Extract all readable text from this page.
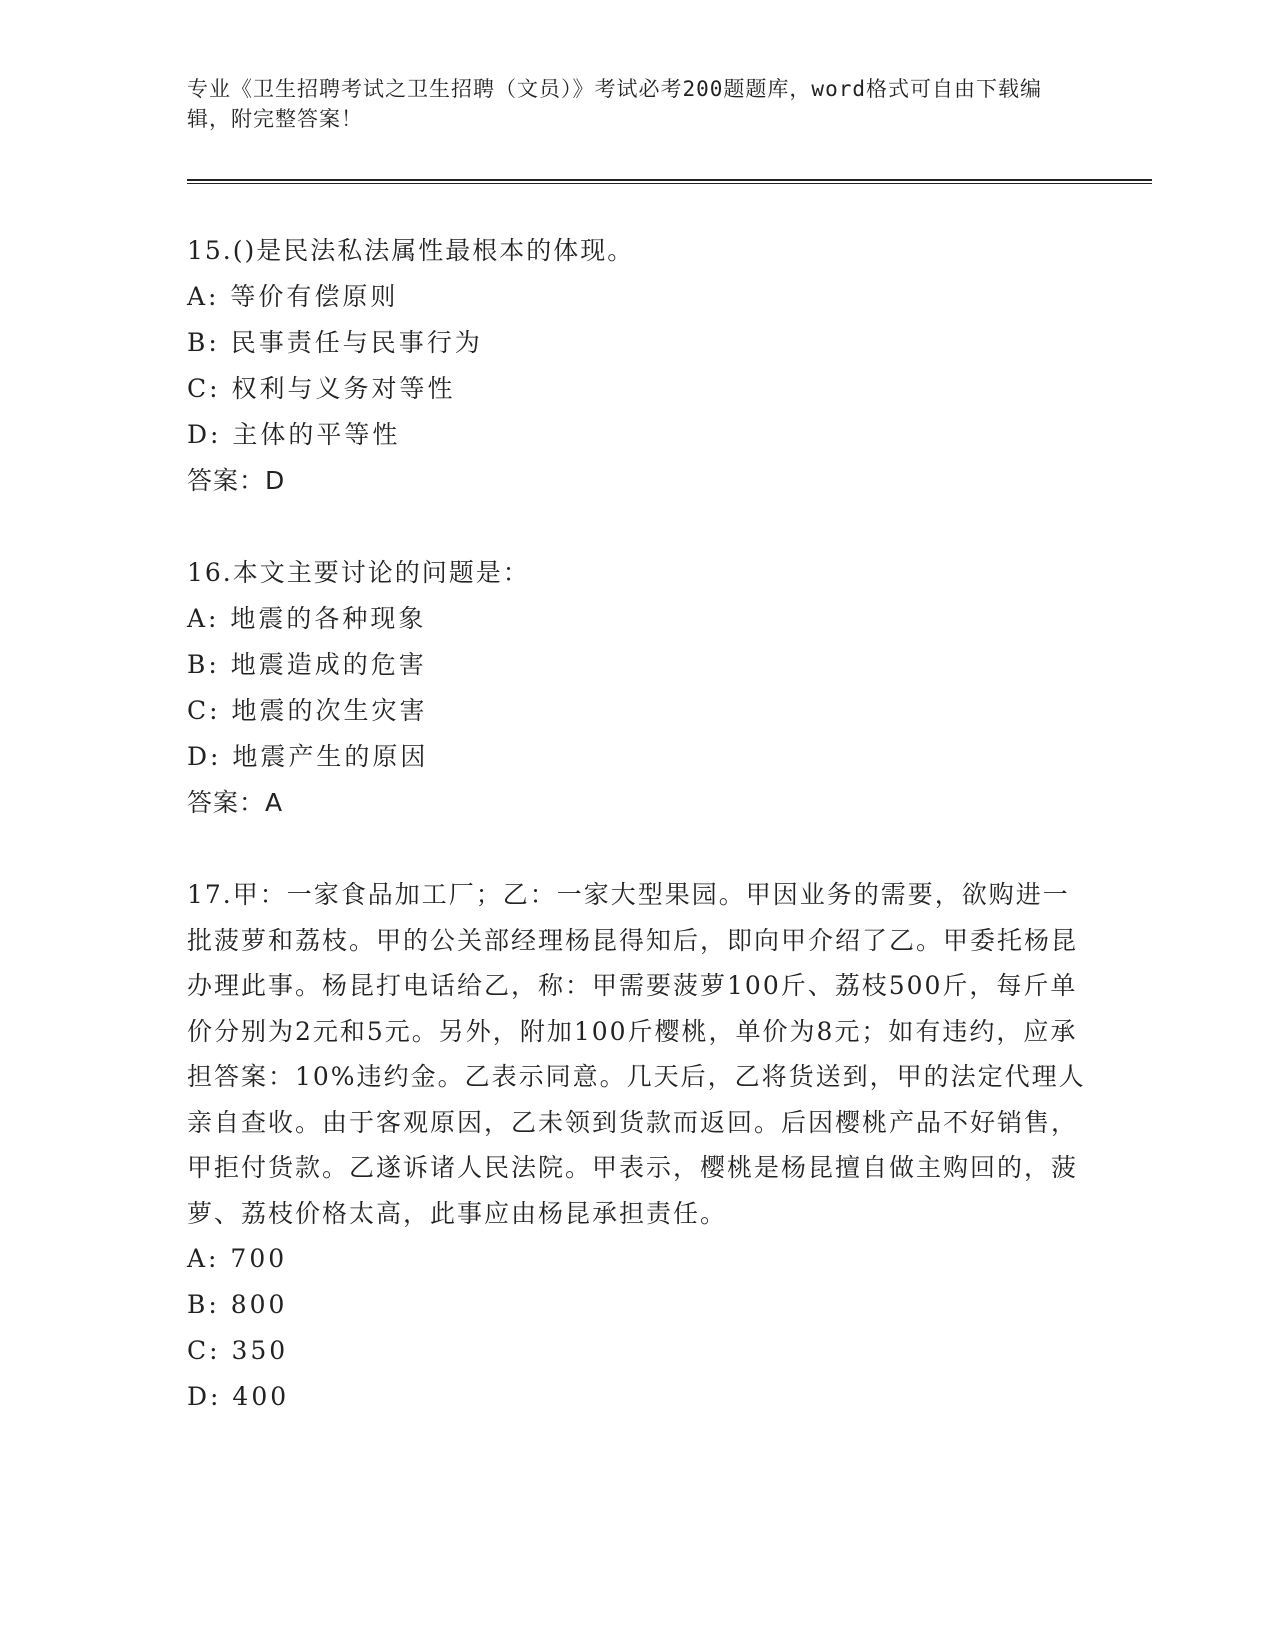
专业《卫生招聘考试之卫生招聘（文员）》考试必考200题题库，word格式可自由下载编辑，附完整答案！

15.()是民法私法属性最根本的体现。

A: 等价有偿原则

B: 民事责任与民事行为

C: 权利与义务对等性

D: 主体的平等性

答案：D

16.本文主要讨论的问题是：

A: 地震的各种现象

B: 地震造成的危害

C: 地震的次生灾害

D: 地震产生的原因

答案：A

17.甲：一家食品加工厂；乙：一家大型果园。甲因业务的需要，欲购进一批菠萝和荔枝。甲的公关部经理杨昆得知后，即向甲介绍了乙。甲委托杨昆办理此事。杨昆打电话给乙，称：甲需要菠萝100斤、荔枝500斤，每斤单价分别为2元和5元。另外，附加100斤樱桃，单价为8元；如有违约，应承担答案：10%违约金。乙表示同意。几天后，乙将货送到，甲的法定代理人亲自查收。由于客观原因，乙未领到货款而返回。后因樱桃产品不好销售，甲拒付货款。乙遂诉诸人民法院。甲表示，樱桃是杨昆擅自做主购回的，菠萝、荔枝价格太高，此事应由杨昆承担责任。

A: 700

B: 800

C: 350

D: 400
